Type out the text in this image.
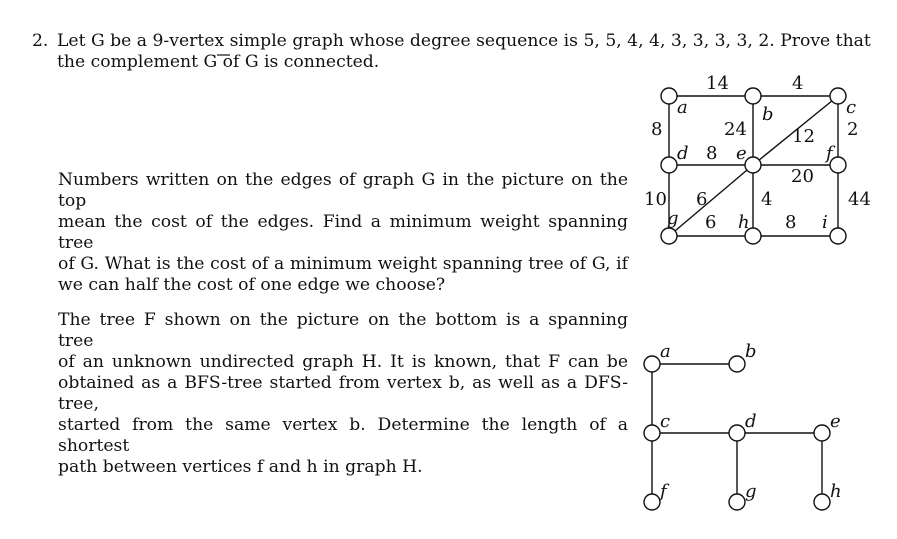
2. Let G be a 9-vertex simple graph whose degree sequence is 5, 5, 4, 4, 3, 3, 3, 3, 2. Prove that
the complement G of G is connected.
Numbers written on the edges of graph G in the picture on the top
mean the cost of the edges. Find a minimum weight spanning tree
of G. What is the cost of a minimum weight spanning tree of G, if
we can half the cost of one edge we choose?
The tree F shown on the picture on the bottom is a spanning tree
of an unknown undirected graph H. It is known, that F can be
obtained as a BFS-tree started from vertex b, as well as a DFS-tree,
started from the same vertex b. Determine the length of a shortest
path between vertices f and h in graph H.
a	b	c
d	e	f
g	h	i
14	4
8	2
24
8
12
20
10 6	4
6	8
44
a	b
c	d	e
f	g	h
